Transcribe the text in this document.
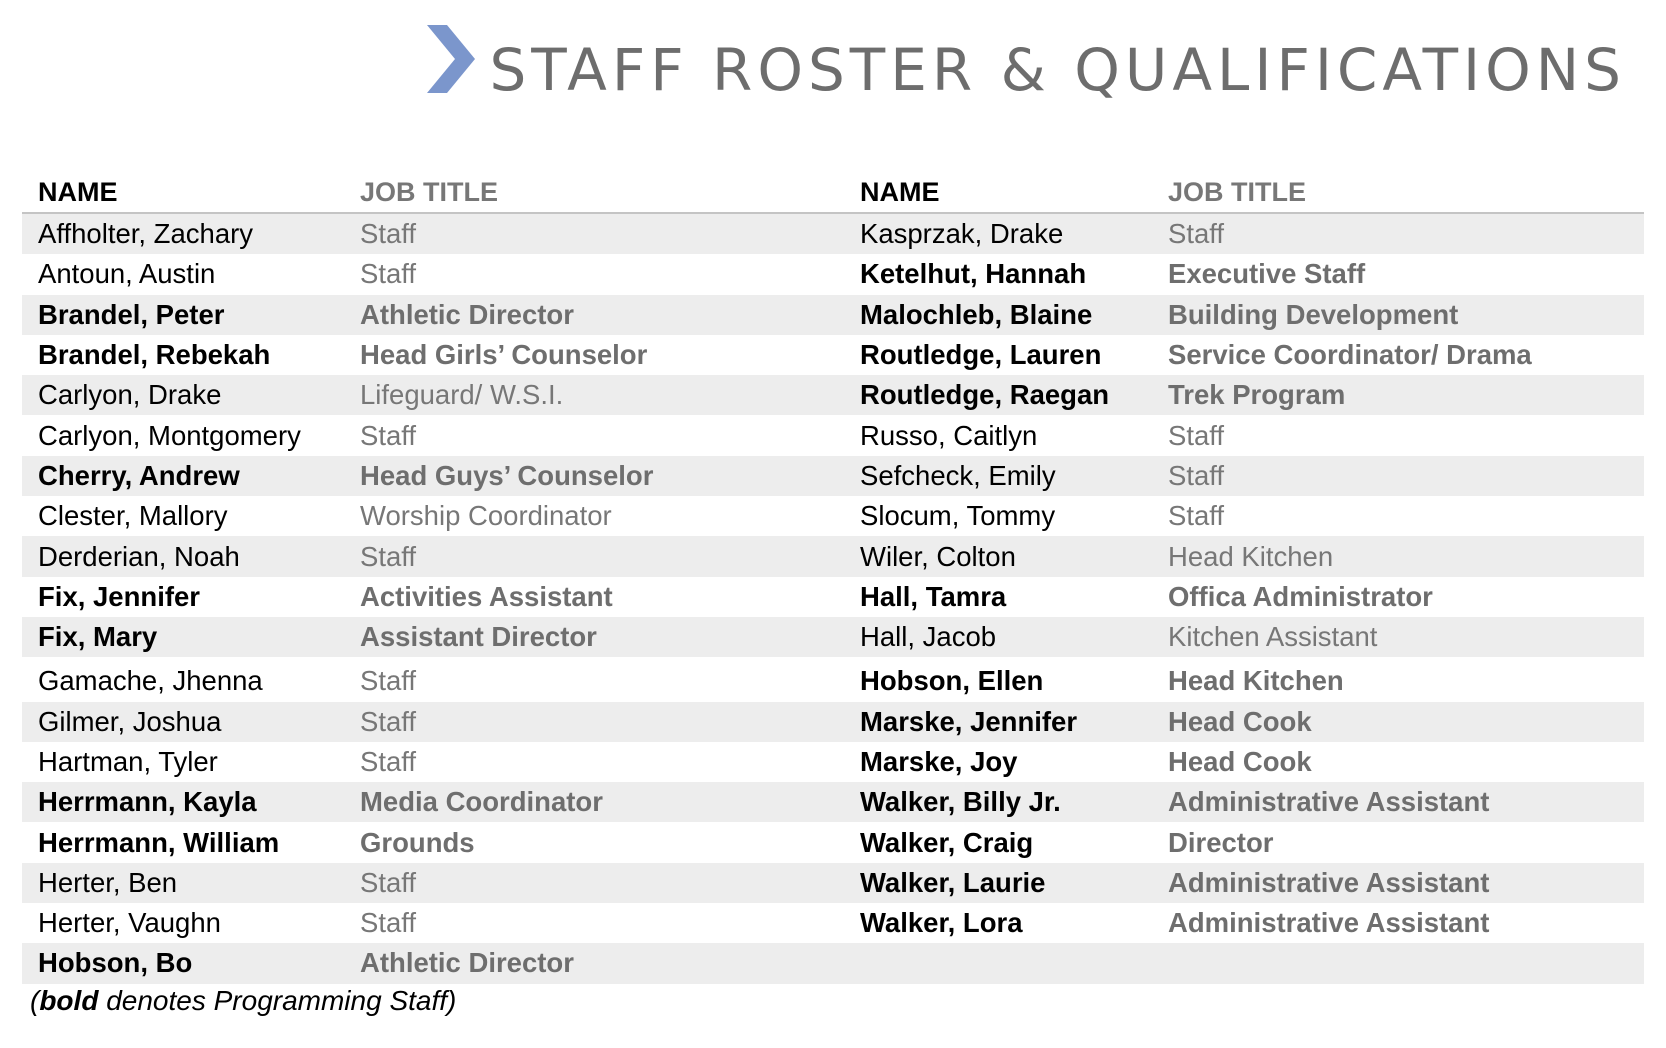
STAFF ROSTER & QUALIFICATIONS
NAME	JOB TITLE	NAME	JOB TITLE
Affholter, Zachary	Staff	Kasprzak, Drake	Staff
Antoun, Austin	Staff	Ketelhut, Hannah	Executive Staff
Brandel, Peter	Athletic Director	Malochleb, Blaine	Building Development
Brandel, Rebekah	Head Girls’ Counselor	Routledge, Lauren	Service Coordinator/ Drama
Carlyon, Drake	Lifeguard/ W.S.I.	Routledge, Raegan	Trek Program
Carlyon, Montgomery	Staff	Russo, Caitlyn	Staff
Cherry, Andrew	Head Guys’ Counselor	Sefcheck, Emily	Staff
Clester, Mallory	Worship Coordinator	Slocum, Tommy	Staff
Derderian, Noah	Staff	Wiler, Colton	Head Kitchen
Fix, Jennifer	Activities Assistant	Hall, Tamra	Offica Administrator
Fix, Mary	Assistant Director	Hall, Jacob	Kitchen Assistant
Gamache, Jhenna	Staff	Hobson, Ellen	Head Kitchen
Gilmer, Joshua	Staff	Marske, Jennifer	Head Cook
Hartman, Tyler	Staff	Marske, Joy	Head Cook
Herrmann, Kayla	Media Coordinator	Walker, Billy Jr.	Administrative Assistant
Herrmann, William	Grounds	Walker, Craig	Director
Herter, Ben	Staff	Walker, Laurie	Administrative Assistant
Herter, Vaughn	Staff	Walker, Lora	Administrative Assistant
Hobson, Bo	Athletic Director
(bold denotes Programming Staff)
